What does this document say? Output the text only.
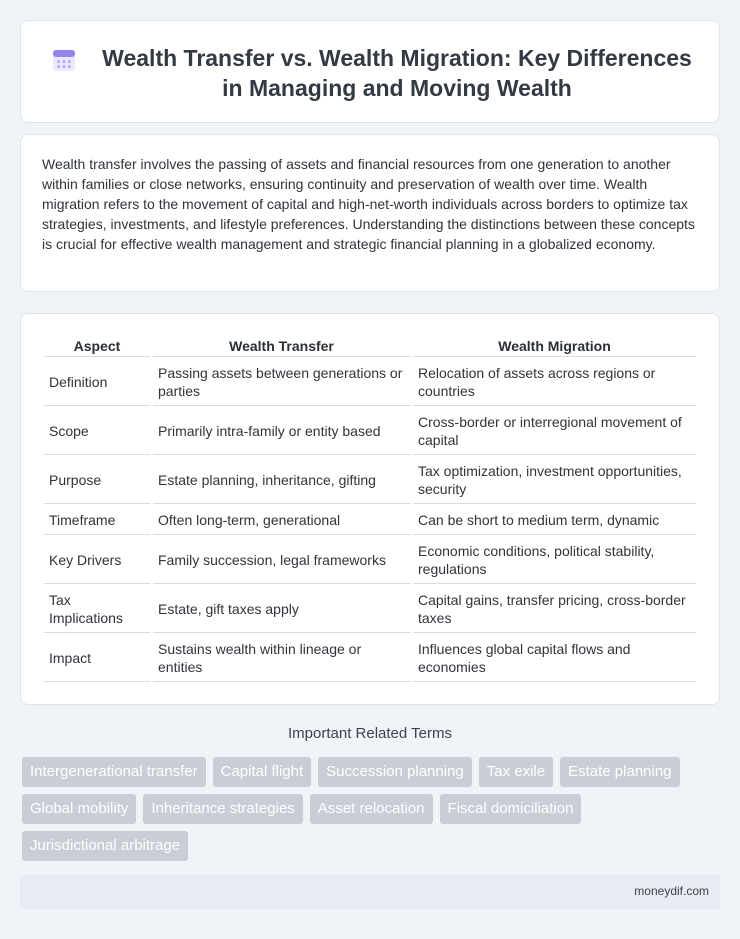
Wealth Transfer vs. Wealth Migration: Key Differences in Managing and Moving Wealth

Wealth transfer involves the passing of assets and financial resources from one generation to another within families or close networks, ensuring continuity and preservation of wealth over time. Wealth migration refers to the movement of capital and high-net-worth individuals across borders to optimize tax strategies, investments, and lifestyle preferences. Understanding the distinctions between these concepts is crucial for effective wealth management and strategic financial planning in a globalized economy.

Aspect	Wealth Transfer	Wealth Migration
Definition	Passing assets between generations or parties	Relocation of assets across regions or countries
Scope	Primarily intra-family or entity based	Cross-border or interregional movement of capital
Purpose	Estate planning, inheritance, gifting	Tax optimization, investment opportunities, security
Timeframe	Often long-term, generational	Can be short to medium term, dynamic
Key Drivers	Family succession, legal frameworks	Economic conditions, political stability, regulations
Tax Implications	Estate, gift taxes apply	Capital gains, transfer pricing, cross-border taxes
Impact	Sustains wealth within lineage or entities	Influences global capital flows and economies
Important Related Terms
Intergenerational transfer	Capital flight	Succession planning	Tax exile	Estate planning
Global mobility	Inheritance strategies	Asset relocation	Fiscal domiciliation
Jurisdictional arbitrage
moneydif.com
